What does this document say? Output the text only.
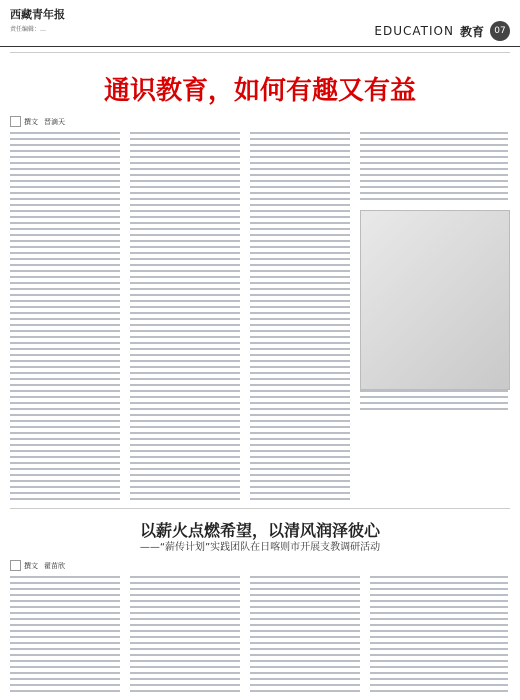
西藏青年报
责任编辑：…	EDUCATION 教育	07
通识教育，如何有趣又有益
撰文 晋滴天
以薪火点燃希望，以清风润泽彼心
——“薪传计划”实践团队在日喀则市开展支教调研活动
撰文 翟苗欣
